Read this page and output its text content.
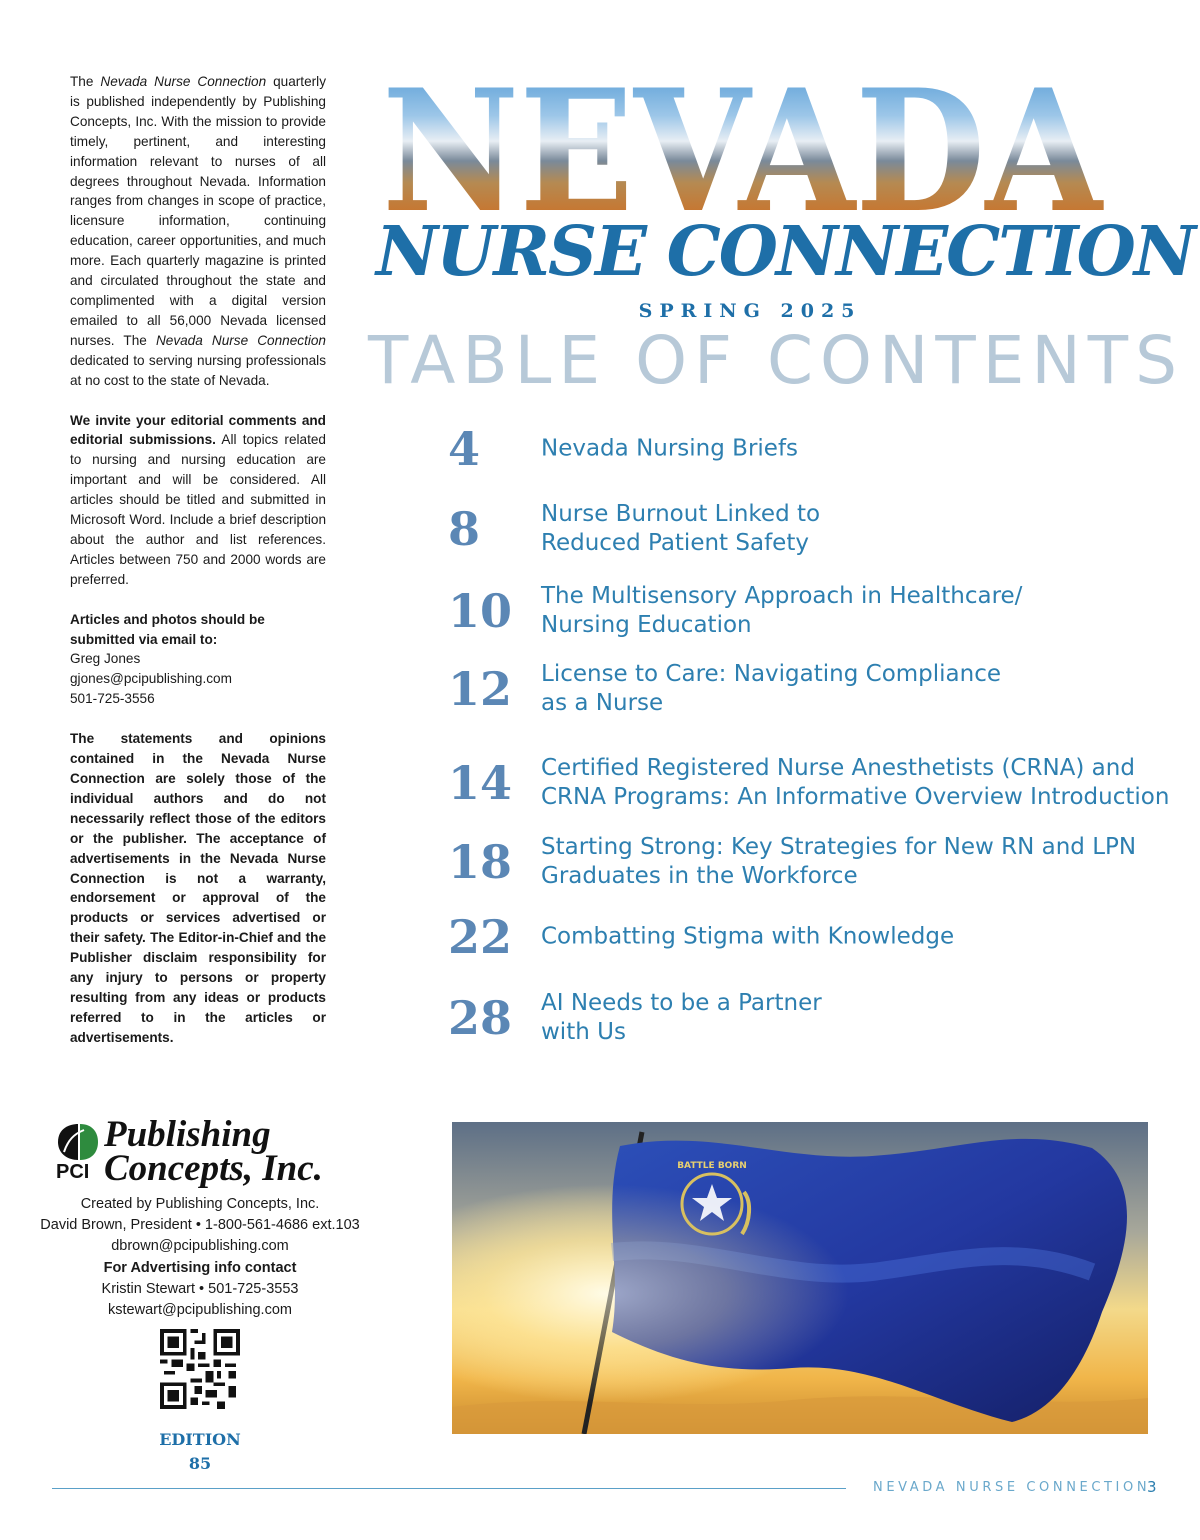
The Nevada Nurse Connection quarterly is published independently by Publishing Concepts, Inc. With the mission to provide timely, pertinent, and interesting information relevant to nurses of all degrees throughout Nevada. Information ranges from changes in scope of practice, licensure information, continuing education, career opportunities, and much more. Each quarterly magazine is printed and circulated throughout the state and complimented with a digital version emailed to all 56,000 Nevada licensed nurses. The Nevada Nurse Connection dedicated to serving nursing professionals at no cost to the state of Nevada.

We invite your editorial comments and editorial submissions. All topics related to nursing and nursing education are important and will be considered. All articles should be titled and submitted in Microsoft Word. Include a brief description about the author and list references. Articles between 750 and 2000 words are preferred.

Articles and photos should be submitted via email to:
Greg Jones
gjones@pcipublishing.com
501-725-3556

The statements and opinions contained in the Nevada Nurse Connection are solely those of the individual authors and do not necessarily reflect those of the editors or the publisher. The acceptance of advertisements in the Nevada Nurse Connection is not a warranty, endorsement or approval of the products or services advertised or their safety. The Editor-in-Chief and the Publisher disclaim responsibility for any injury to persons or property resulting from any ideas or products referred to in the articles or advertisements.

NEVADA
NURSE CONNECTION
SPRING 2025
TABLE OF CONTENTS
4	Nevada Nursing Briefs
8	Nurse Burnout Linked to
Reduced Patient Safety
10	The Multisensory Approach in Healthcare/
Nursing Education
12	License to Care: Navigating Compliance
as a Nurse
14	Certified Registered Nurse Anesthetists (CRNA) and
CRNA Programs: An Informative Overview Introduction
18	Starting Strong: Key Strategies for New RN and LPN
Graduates in the Workforce
22	Combatting Stigma with Knowledge
28	AI Needs to be a Partner
with Us
PCI
Publishing
Concepts, Inc.
Created by Publishing Concepts, Inc.
David Brown, President • 1-800-561-4686 ext.103
dbrown@pcipublishing.com
For Advertising info contact
Kristin Stewart • 501-725-3553
kstewart@pcipublishing.com
EDITION
85
BATTLE BORN
NEVADA NURSE CONNECTION
3
